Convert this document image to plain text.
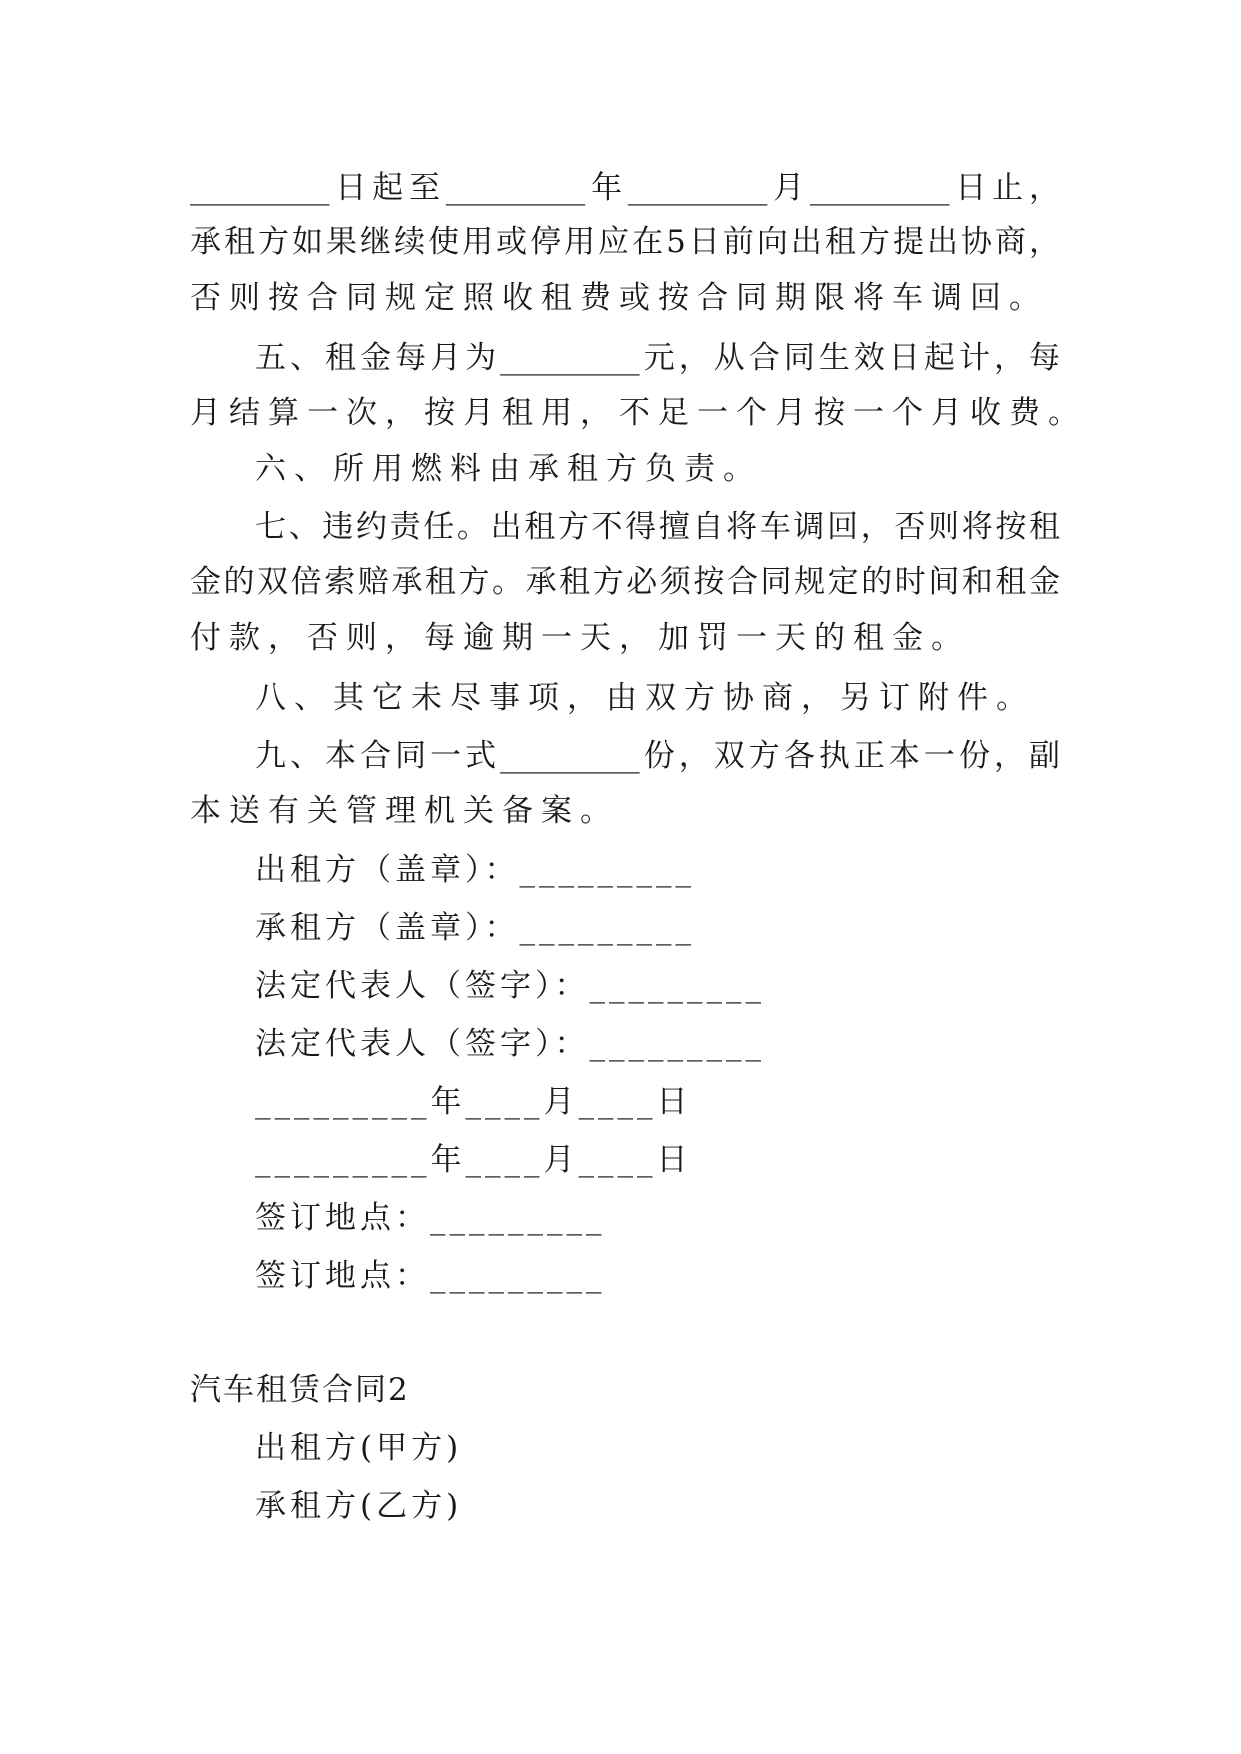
_________日起至_________年_________月_________日止，
承租方如果继续使用或停用应在5日前向出租方提出协商，
否则按合同规定照收租费或按合同期限将车调回。
五、租金每月为_________元，从合同生效日起计，每
月结算一次，按月租用，不足一个月按一个月收费。
六、所用燃料由承租方负责。
七、违约责任。出租方不得擅自将车调回，否则将按租
金的双倍索赔承租方。承租方必须按合同规定的时间和租金
付款，否则，每逾期一天，加罚一天的租金。
八、其它未尽事项，由双方协商，另订附件。
九、本合同一式_________份，双方各执正本一份，副
本送有关管理机关备案。
出租方（盖章）：_________
承租方（盖章）：_________
法定代表人（签字）：_________
法定代表人（签字）：_________
_________年____月____日
_________年____月____日
签订地点：_________
签订地点：_________
汽车租赁合同2
出租方(甲方)
承租方(乙方)
